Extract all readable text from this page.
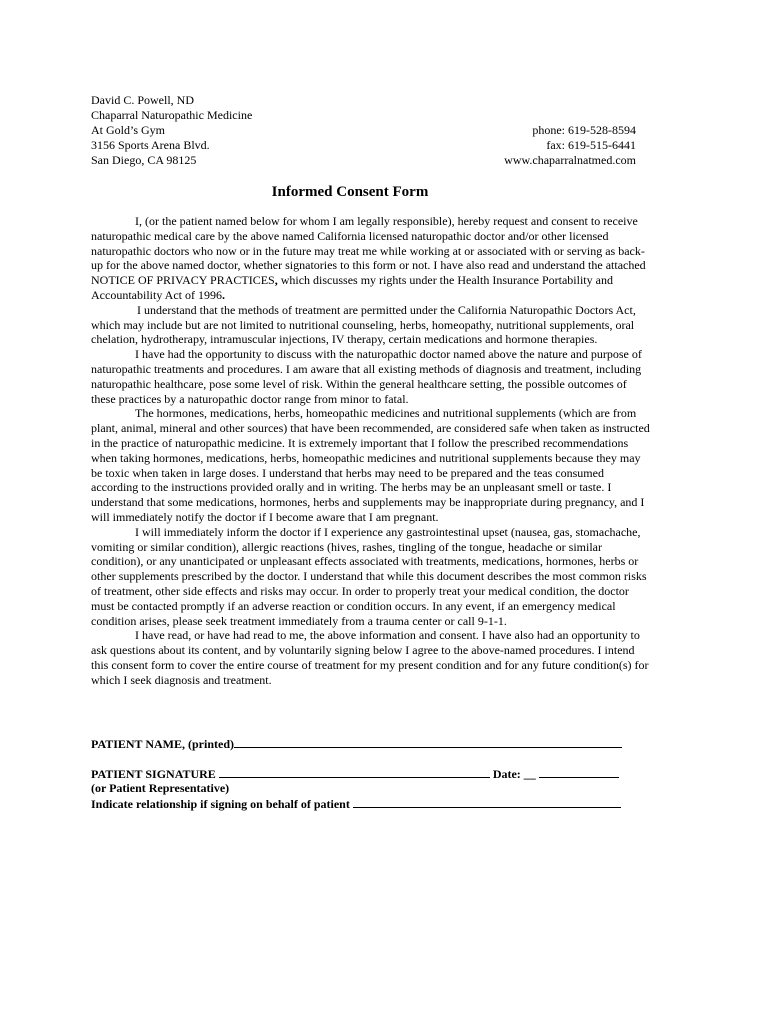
David C. Powell, ND
Chaparral Naturopathic Medicine
At Gold’s Gym	phone: 619-528-8594
3156 Sports Arena Blvd.	fax: 619-515-6441
San Diego, CA 98125	www.chaparralnatmed.com
Informed Consent Form

I, (or the patient named below for whom I am legally responsible), hereby request and consent to receive naturopathic medical care by the above named California licensed naturopathic doctor and/or other licensed naturopathic doctors who now or in the future may treat me while working at or associated with or serving as back-up for the above named doctor, whether signatories to this form or not. I have also read and understand the attached NOTICE OF PRIVACY PRACTICES, which discusses my rights under the Health Insurance Portability and Accountability Act of 1996.

I understand that the methods of treatment are permitted under the California Naturopathic Doctors Act, which may include but are not limited to nutritional counseling, herbs, homeopathy, nutritional supplements, oral chelation, hydrotherapy, intramuscular injections, IV therapy, certain medications and hormone therapies.

I have had the opportunity to discuss with the naturopathic doctor named above the nature and purpose of naturopathic treatments and procedures. I am aware that all existing methods of diagnosis and treatment, including naturopathic healthcare, pose some level of risk. Within the general healthcare setting, the possible outcomes of these practices by a naturopathic doctor range from minor to fatal.

The hormones, medications, herbs, homeopathic medicines and nutritional supplements (which are from plant, animal, mineral and other sources) that have been recommended, are considered safe when taken as instructed in the practice of naturopathic medicine. It is extremely important that I follow the prescribed recommendations when taking hormones, medications, herbs, homeopathic medicines and nutritional supplements because they may be toxic when taken in large doses. I understand that herbs may need to be prepared and the teas consumed according to the instructions provided orally and in writing. The herbs may be an unpleasant smell or taste. I understand that some medications, hormones, herbs and supplements may be inappropriate during pregnancy, and I will immediately notify the doctor if I become aware that I am pregnant.

I will immediately inform the doctor if I experience any gastrointestinal upset (nausea, gas, stomachache, vomiting or similar condition), allergic reactions (hives, rashes, tingling of the tongue, headache or similar condition), or any unanticipated or unpleasant effects associated with treatments, medications, hormones, herbs or other supplements prescribed by the doctor. I understand that while this document describes the most common risks of treatment, other side effects and risks may occur. In order to properly treat your medical condition, the doctor must be contacted promptly if an adverse reaction or condition occurs. In any event, if an emergency medical condition arises, please seek treatment immediately from a trauma center or call 9-1-1.

I have read, or have had read to me, the above information and consent. I have also had an opportunity to ask questions about its content, and by voluntarily signing below I agree to the above-named procedures. I intend this consent form to cover the entire course of treatment for my present condition and for any future condition(s) for which I seek diagnosis and treatment.

PATIENT NAME, (printed)
PATIENT SIGNATURE	Date: __
(or Patient Representative)
Indicate relationship if signing on behalf of patient
